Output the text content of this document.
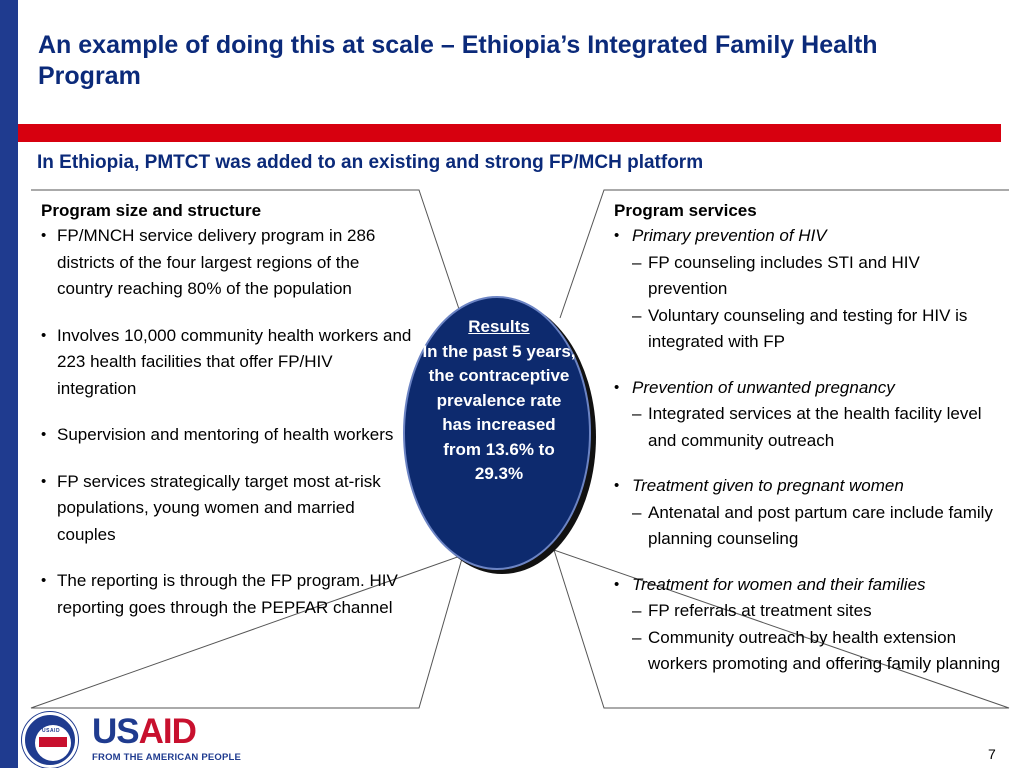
An example of doing this at scale – Ethiopia’s Integrated Family Health Program
In Ethiopia, PMTCT was added to an existing and strong FP/MCH platform
Program size and structure
• FP/MNCH service delivery program in 286 districts of the four largest regions of the country reaching 80% of the population
• Involves 10,000 community health workers and 223 health facilities that offer FP/HIV integration
• Supervision and mentoring of health workers
• FP services strategically target most at-risk populations, young women and married couples
• The reporting is through the FP program. HIV reporting goes through the PEPFAR channel
Program services
• Primary prevention of HIV
– FP counseling includes STI and HIV prevention
– Voluntary counseling and testing for HIV is integrated with FP
• Prevention of unwanted pregnancy
– Integrated services at the health facility level and community outreach
• Treatment given to pregnant women
– Antenatal and post partum care include family planning counseling
• Treatment for women and their families
– FP referrals at treatment sites
– Community outreach by health extension workers promoting and offering family planning
Results
In the past 5 years, the contraceptive prevalence rate has increased from 13.6% to 29.3%
USAID USAID
FROM THE AMERICAN PEOPLE	7
